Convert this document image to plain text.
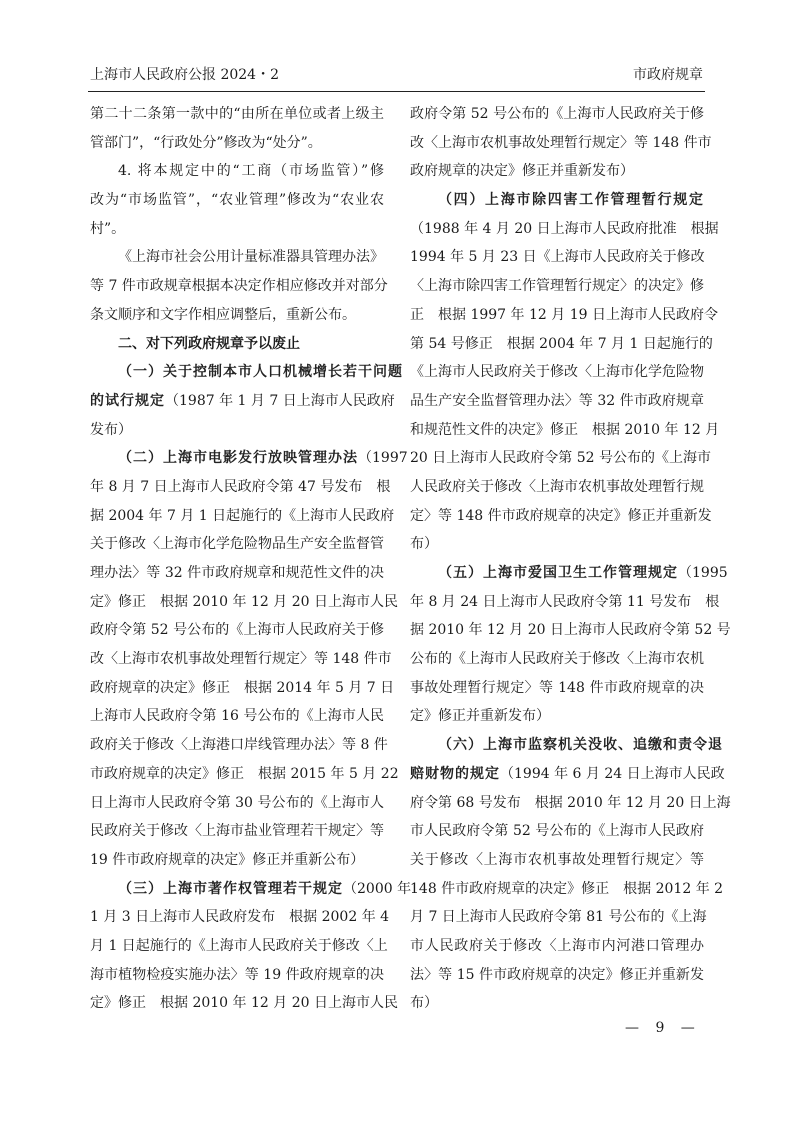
上海市人民政府公报 2024・2	市政府规章
第二十二条第一款中的“由所在单位或者上级主
管部门”，“行政处分”修改为“处分”。
4. 将本规定中的“工商（市场监管）”修
改为“市场监管”，“农业管理”修改为“农业农
村”。
《上海市社会公用计量标准器具管理办法》
等 7 件市政规章根据本决定作相应修改并对部分
条文顺序和文字作相应调整后，重新公布。
二、对下列政府规章予以废止
（一）关于控制本市人口机械增长若干问题
的试行规定（1987 年 1 月 7 日上海市人民政府
发布）
（二）上海市电影发行放映管理办法（1997
年 8 月 7 日上海市人民政府令第 47 号发布　根
据 2004 年 7 月 1 日起施行的《上海市人民政府
关于修改〈上海市化学危险物品生产安全监督管
理办法〉等 32 件市政府规章和规范性文件的决
定》修正　根据 2010 年 12 月 20 日上海市人民
政府令第 52 号公布的《上海市人民政府关于修
改〈上海市农机事故处理暂行规定〉等 148 件市
政府规章的决定》修正　根据 2014 年 5 月 7 日
上海市人民政府令第 16 号公布的《上海市人民
政府关于修改〈上海港口岸线管理办法〉等 8 件
市政府规章的决定》修正　根据 2015 年 5 月 22
日上海市人民政府令第 30 号公布的《上海市人
民政府关于修改〈上海市盐业管理若干规定〉等
19 件市政府规章的决定》修正并重新公布）
（三）上海市著作权管理若干规定（2000 年
1 月 3 日上海市人民政府发布　根据 2002 年 4
月 1 日起施行的《上海市人民政府关于修改〈上
海市植物检疫实施办法〉等 19 件政府规章的决
定》修正　根据 2010 年 12 月 20 日上海市人民
政府令第 52 号公布的《上海市人民政府关于修
改〈上海市农机事故处理暂行规定〉等 148 件市
政府规章的决定》修正并重新发布）
（四）上海市除四害工作管理暂行规定
（1988 年 4 月 20 日上海市人民政府批准　根据
1994 年 5 月 23 日《上海市人民政府关于修改
〈上海市除四害工作管理暂行规定〉的决定》修
正　根据 1997 年 12 月 19 日上海市人民政府令
第 54 号修正　根据 2004 年 7 月 1 日起施行的
《上海市人民政府关于修改〈上海市化学危险物
品生产安全监督管理办法〉等 32 件市政府规章
和规范性文件的决定》修正　根据 2010 年 12 月
20 日上海市人民政府令第 52 号公布的《上海市
人民政府关于修改〈上海市农机事故处理暂行规
定〉等 148 件市政府规章的决定》修正并重新发
布）
（五）上海市爱国卫生工作管理规定（1995
年 8 月 24 日上海市人民政府令第 11 号发布　根
据 2010 年 12 月 20 日上海市人民政府令第 52 号
公布的《上海市人民政府关于修改〈上海市农机
事故处理暂行规定〉等 148 件市政府规章的决
定》修正并重新发布）
（六）上海市监察机关没收、追缴和责令退
赔财物的规定（1994 年 6 月 24 日上海市人民政
府令第 68 号发布　根据 2010 年 12 月 20 日上海
市人民政府令第 52 号公布的《上海市人民政府
关于修改〈上海市农机事故处理暂行规定〉等
148 件市政府规章的决定》修正　根据 2012 年 2
月 7 日上海市人民政府令第 81 号公布的《上海
市人民政府关于修改〈上海市内河港口管理办
法〉等 15 件市政府规章的决定》修正并重新发
布）
— 9 —
